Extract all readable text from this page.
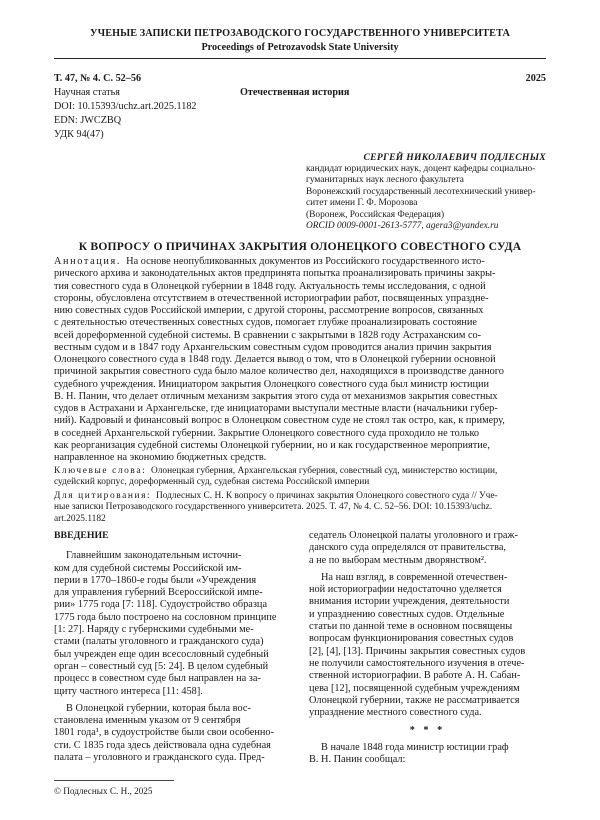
УЧЕНЫЕ ЗАПИСКИ ПЕТРОЗАВОДСКОГО ГОСУДАРСТВЕННОГО УНИВЕРСИТЕТА
Proceedings of Petrozavodsk State University
Т. 47, № 4. С. 52–56	2025
Научная статья	Отечественная история
DOI: 10.15393/uchz.art.2025.1182
EDN: JWCZBQ
УДК 94(47)
СЕРГЕЙ НИКОЛАЕВИЧ ПОДЛЕСНЫХ
кандидат юридических наук, доцент кафедры социально-
гуманитарных наук лесного факультета
Воронежский государственный лесотехнический универ-
ситет имени Г. Ф. Морозова
(Воронеж, Российская Федерация)
ORCID 0009-0001-2613-5777, agera3@yandex.ru
К ВОПРОСУ О ПРИЧИНАХ ЗАКРЫТИЯ ОЛОНЕЦКОГО СОВЕСТНОГО СУДА
Аннотация. На основе неопубликованных документов из Российского государственного исто-
рического архива и законодательных актов предпринята попытка проанализировать причины закры-
тия совестного суда в Олонецкой губернии в 1848 году. Актуальность темы исследования, с одной
стороны, обусловлена отсутствием в отечественной историографии работ, посвященных упраздне-
нию совестных судов Российской империи, с другой стороны, рассмотрение вопросов, связанных
с деятельностью отечественных совестных судов, помогает глубже проанализировать состояние
всей дореформенной судебной системы. В сравнении с закрытыми в 1828 году Астраханским со-
вестным судом и в 1847 году Архангельским совестным судом проводится анализ причин закрытия
Олонецкого совестного суда в 1848 году. Делается вывод о том, что в Олонецкой губернии основной
причиной закрытия совестного суда было малое количество дел, находящихся в производстве данного
судебного учреждения. Инициатором закрытия Олонецкого совестного суда был министр юстиции
В. Н. Панин, что делает отличным механизм закрытия этого суда от механизмов закрытия совестных
судов в Астрахани и Архангельске, где инициаторами выступали местные власти (начальники губер-
ний). Кадровый и финансовый вопрос в Олонецком совестном суде не стоял так остро, как, к примеру,
в соседней Архангельской губернии. Закрытие Олонецкого совестного суда проходило не только
как реорганизация судебной системы Олонецкой губернии, но и как государственное мероприятие,
направленное на экономию бюджетных средств.
Ключевые слова: Олонецкая губерния, Архангельская губерния, совестный суд, министерство юстиции,
судейский корпус, дореформенный суд, судебная система Российской империи
Для цитирования: Подлесных С. Н. К вопросу о причинах закрытия Олонецкого совестного суда // Уче-
ные записки Петрозаводского государственного университета. 2025. Т. 47, № 4. С. 52–56. DOI: 10.15393/uchz.
art.2025.1182
ВВЕДЕНИЕ
Главнейшим законодательным источни-
ком для судебной системы Российской им-
перии в 1770–1860-е годы были «Учреждения
для управления губерний Всероссийской импе-
рии» 1775 года [7: 118]. Судоустройство образца
1775 года было построено на сословном принципе
[1: 27]. Наряду с губернскими судебными ме-
стами (палаты уголовного и гражданского суда)
был учрежден еще один всесословный судебный
орган – совестный суд [5: 24]. В целом судебный
процесс в совестном суде был направлен на за-
щиту частного интереса [11: 458].
В Олонецкой губернии, которая была вос-
становлена именным указом от 9 сентября
1801 года¹, в судоустройстве были свои особенно-
сти. С 1835 года здесь действовала одна судебная
палата – уголовного и гражданского суда. Пред-
седатель Олонецкой палаты уголовного и граж-
данского суда определялся от правительства,
а не по выборам местным дворянством².
На наш взгляд, в современной отечествен-
ной историографии недостаточно уделяется
внимания истории учреждения, деятельности
и упразднению совестных судов. Отдельные
статьи по данной теме в основном посвящены
вопросам функционирования совестных судов
[2], [4], [13]. Причины закрытия совестных судов
не получили самостоятельного изучения в отече-
ственной историографии. В работе А. Н. Сабан-
цева [12], посвященной судебным учреждениям
Олонецкой губернии, также не рассматривается
упразднение местного совестного суда.
* * *
В начале 1848 года министр юстиции граф
В. Н. Панин сообщал:
© Подлесных С. Н., 2025
